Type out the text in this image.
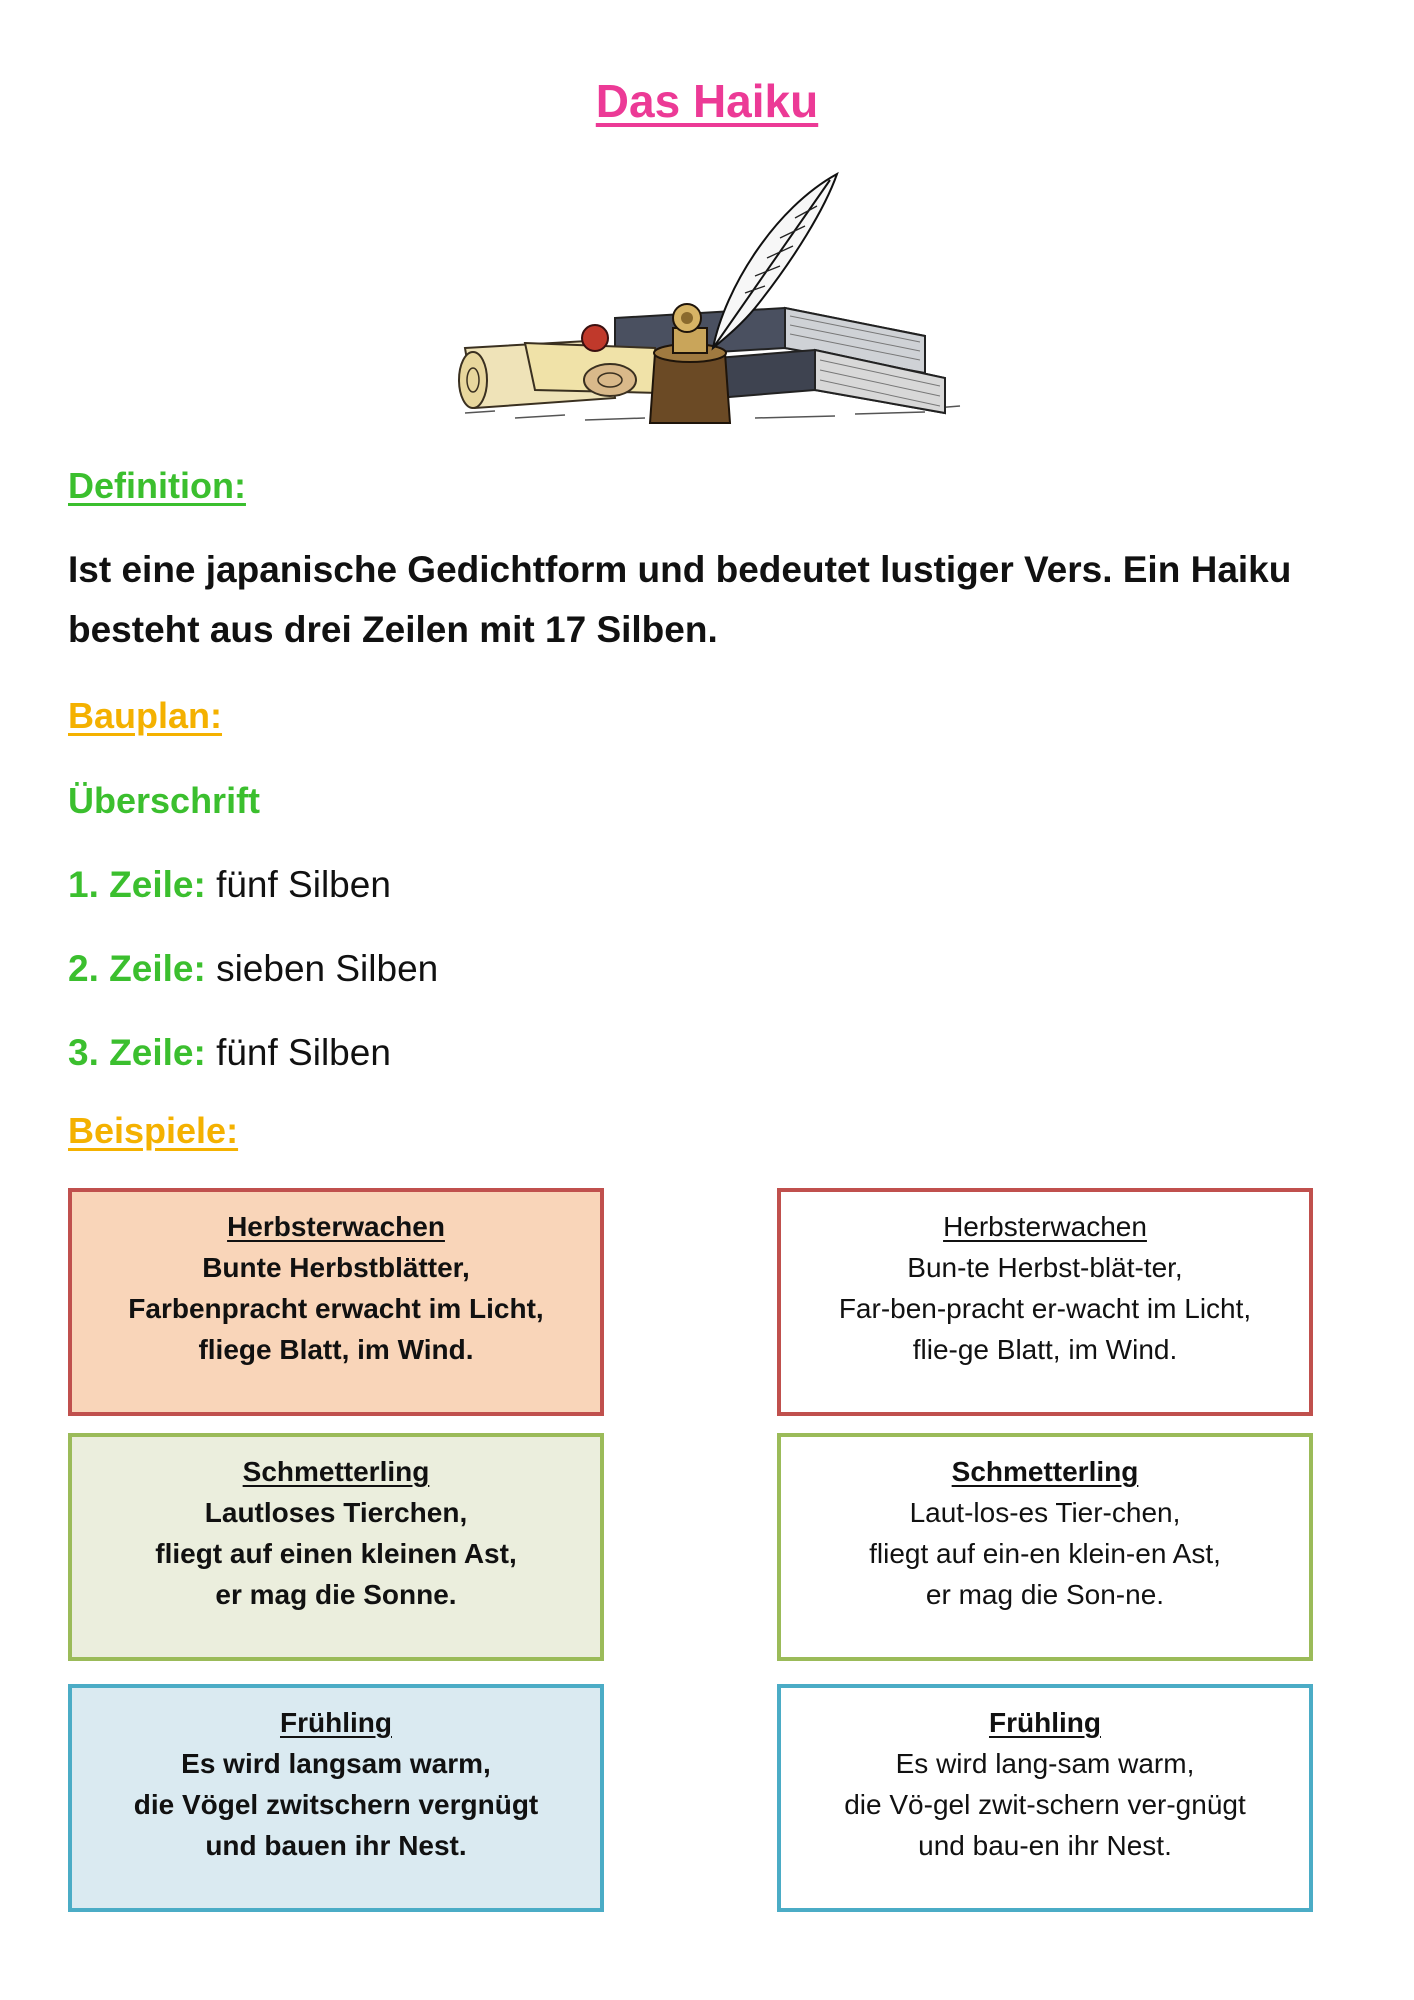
Das Haiku
Definition:
Ist eine japanische Gedichtform und bedeutet lustiger Vers. Ein Haiku besteht aus drei Zeilen mit 17 Silben.
Bauplan:
Überschrift
1. Zeile: fünf Silben
2. Zeile: sieben Silben
3. Zeile: fünf Silben
Beispiele:
Herbsterwachen
Bunte Herbstblätter,
Farbenpracht erwacht im Licht,
fliege Blatt, im Wind.
Herbsterwachen
Bun-te Herbst-blät-ter,
Far-ben-pracht er-wacht im Licht,
flie-ge Blatt, im Wind.
Schmetterling
Lautloses Tierchen,
fliegt auf einen kleinen Ast,
er mag die Sonne.
Schmetterling
Laut-los-es Tier-chen,
fliegt auf ein-en klein-en Ast,
er mag die Son-ne.
Frühling
Es wird langsam warm,
die Vögel zwitschern vergnügt
und bauen ihr Nest.
Frühling
Es wird lang-sam warm,
die Vö-gel zwit-schern ver-gnügt
und bau-en ihr Nest.
